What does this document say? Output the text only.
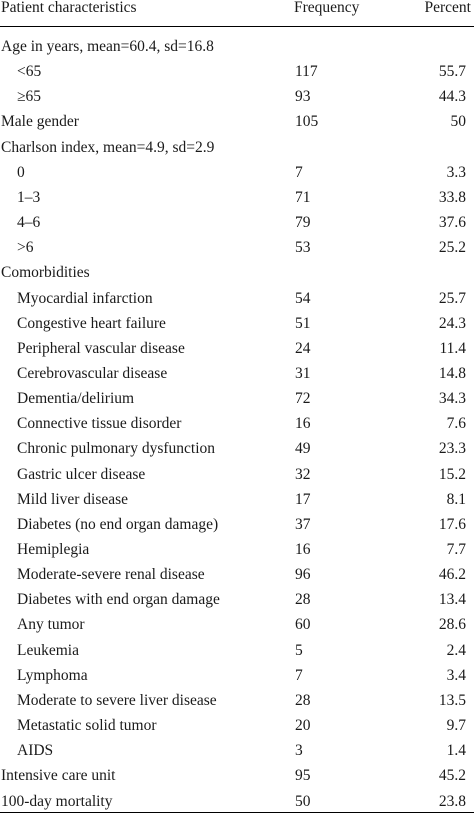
Patient characteristics	Frequency	Percent
Age in years, mean=60.4, sd=16.8
<65	117	55.7
≥65	93	44.3
Male gender	105	50
Charlson index, mean=4.9, sd=2.9
0	7	3.3
1–3	71	33.8
4–6	79	37.6
>6	53	25.2
Comorbidities
Myocardial infarction	54	25.7
Congestive heart failure	51	24.3
Peripheral vascular disease	24	11.4
Cerebrovascular disease	31	14.8
Dementia/delirium	72	34.3
Connective tissue disorder	16	7.6
Chronic pulmonary dysfunction	49	23.3
Gastric ulcer disease	32	15.2
Mild liver disease	17	8.1
Diabetes (no end organ damage)	37	17.6
Hemiplegia	16	7.7
Moderate-severe renal disease	96	46.2
Diabetes with end organ damage	28	13.4
Any tumor	60	28.6
Leukemia	5	2.4
Lymphoma	7	3.4
Moderate to severe liver disease	28	13.5
Metastatic solid tumor	20	9.7
AIDS	3	1.4
Intensive care unit	95	45.2
100-day mortality	50	23.8
